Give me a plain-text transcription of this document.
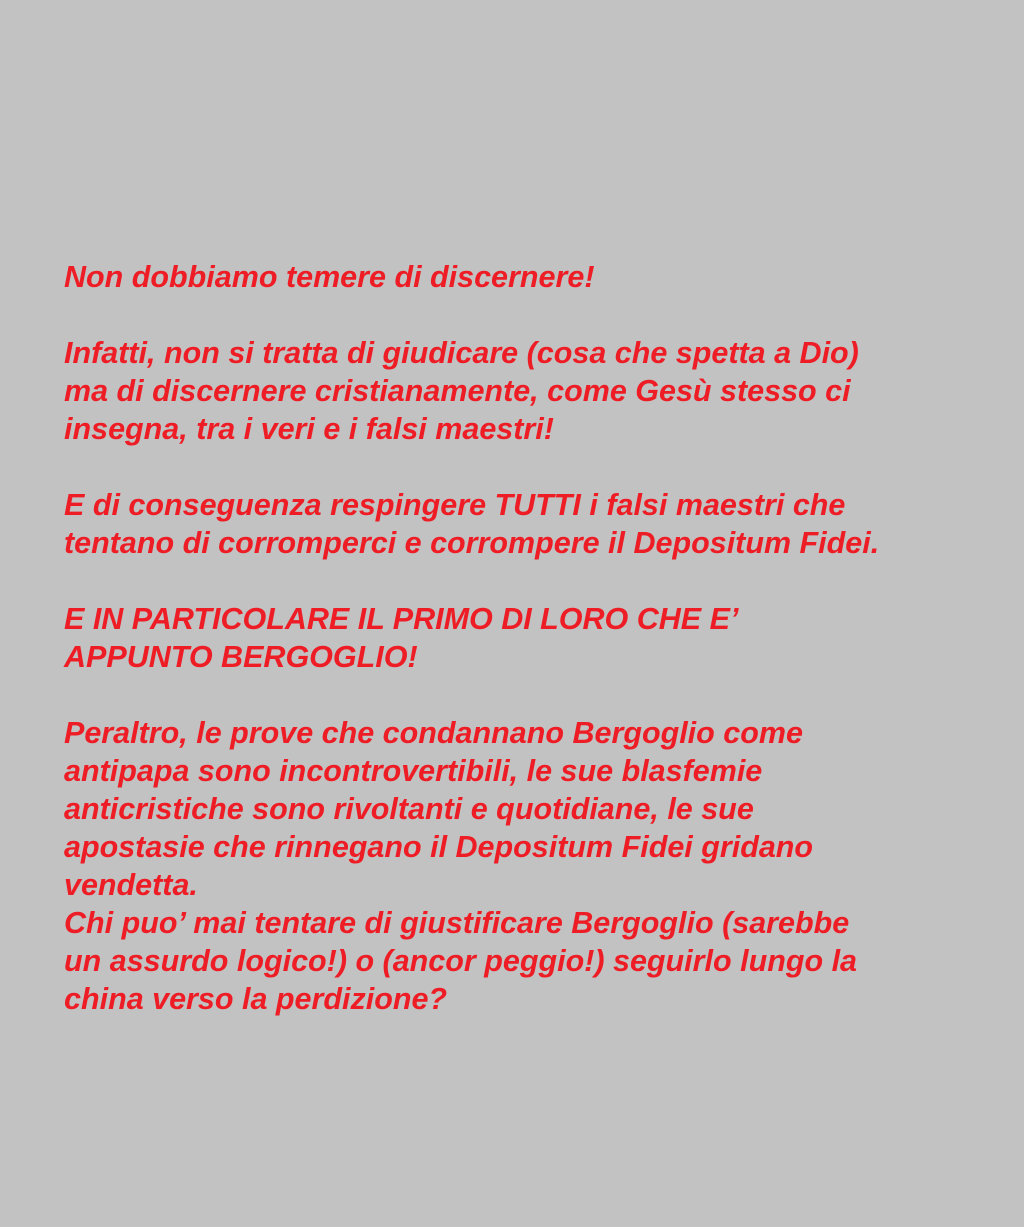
Non dobbiamo temere di discernere!

Infatti, non si tratta di giudicare (cosa che spetta a Dio)
ma di discernere cristianamente, come Gesù stesso ci
insegna, tra i veri e i falsi maestri!

E di conseguenza respingere TUTTI i falsi maestri che
tentano di corromperci e corrompere il Depositum Fidei.

E IN PARTICOLARE IL PRIMO DI LORO CHE E’
APPUNTO BERGOGLIO!

Peraltro, le prove che condannano Bergoglio come
antipapa sono incontrovertibili, le sue blasfemie
anticristiche sono rivoltanti e quotidiane, le sue
apostasie che rinnegano il Depositum Fidei gridano
vendetta.
Chi puo’ mai tentare di giustificare Bergoglio (sarebbe
un assurdo logico!) o (ancor peggio!) seguirlo lungo la
china verso la perdizione?
